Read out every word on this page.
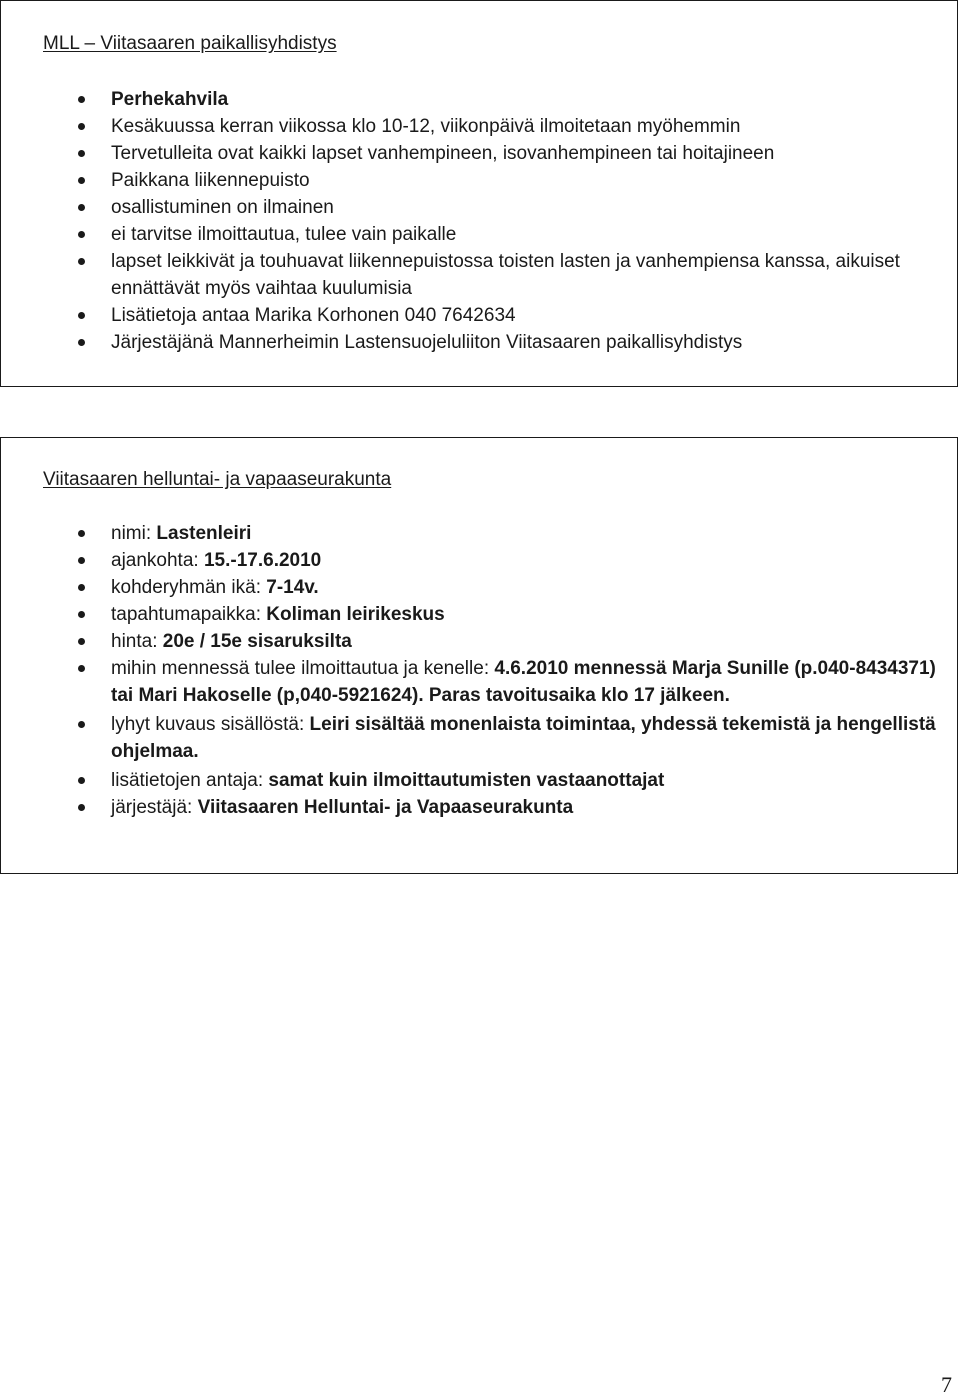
MLL – Viitasaaren paikallisyhdistys
Perhekahvila
Kesäkuussa kerran viikossa klo 10-12, viikonpäivä ilmoitetaan myöhemmin
Tervetulleita ovat kaikki lapset vanhempineen, isovanhempineen tai hoitajineen
Paikkana liikennepuisto
osallistuminen on ilmainen
ei tarvitse ilmoittautua, tulee vain paikalle
lapset leikkivät ja touhuavat liikennepuistossa toisten lasten ja vanhempiensa kanssa, aikuiset ennättävät myös vaihtaa kuulumisia
Lisätietoja antaa Marika Korhonen 040 7642634
Järjestäjänä Mannerheimin Lastensuojeluliiton Viitasaaren paikallisyhdistys
Viitasaaren helluntai- ja vapaaseurakunta
nimi: Lastenleiri
ajankohta: 15.-17.6.2010
kohderyhmän ikä: 7-14v.
tapahtumapaikka: Koliman leirikeskus
hinta: 20e / 15e sisaruksilta
mihin mennessä tulee ilmoittautua ja kenelle: 4.6.2010 mennessä Marja Sunille (p.040-8434371) tai Mari Hakoselle (p,040-5921624). Paras tavoitusaika klo 17 jälkeen.
lyhyt kuvaus sisällöstä: Leiri sisältää monenlaista toimintaa, yhdessä tekemistä ja hengellistä ohjelmaa.
lisätietojen antaja: samat kuin ilmoittautumisten vastaanottajat
järjestäjä: Viitasaaren Helluntai- ja Vapaaseurakunta
7
